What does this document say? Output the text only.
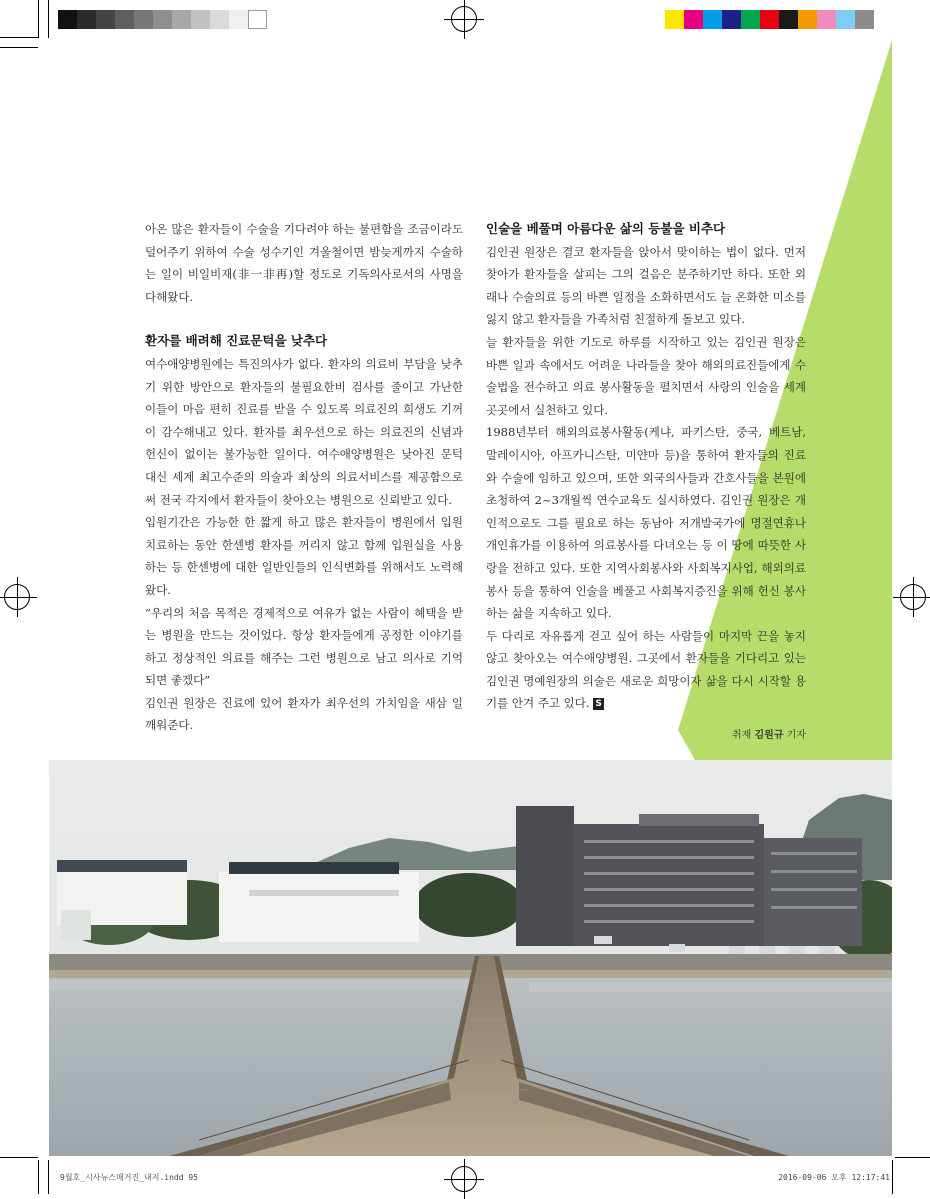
아온 많은 환자들이 수술을 기다려야 하는 불편함을 조금이라도 덜어주기 위하여 수술 성수기인 겨울철이면 밤늦게까지 수술하는 일이 비일비재(非一非再)할 정도로 기독의사로서의 사명을 다해왔다.

환자를 배려해 진료문턱을 낮추다

여수애양병원에는 특진의사가 없다. 환자의 의료비 부담을 낮추기 위한 방안으로 환자들의 불필요한비 검사를 줄이고 가난한 이들이 마음 편히 진료를 받을 수 있도록 의료진의 희생도 기꺼이 감수해내고 있다. 환자를 최우선으로 하는 의료진의 신념과 헌신이 없이는 불가능한 일이다. 여수애양병원은 낮아진 문턱 대신 세계 최고수준의 의술과 최상의 의료서비스를 제공함으로써 전국 각지에서 환자들이 찾아오는 병원으로 신뢰받고 있다.

입원기간은 가능한 한 짧게 하고 많은 환자들이 병원에서 입원 치료하는 동안 한센병 환자를 꺼리지 않고 함께 입원실을 사용하는 등 한센병에 대한 일반인들의 인식변화를 위해서도 노력해왔다.

“우리의 처음 목적은 경제적으로 여유가 없는 사람이 혜택을 받는 병원을 만드는 것이었다. 항상 환자들에게 공정한 이야기를 하고 정상적인 의료를 해주는 그런 병원으로 남고 의사로 기억되면 좋겠다”

김인권 원장은 진료에 있어 환자가 최우선의 가치임을 새삼 일깨워준다.

인술을 베풀며 아름다운 삶의 등불을 비추다

김인권 원장은 결코 환자들을 앉아서 맞이하는 법이 없다. 먼저 찾아가 환자들을 살피는 그의 걸음은 분주하기만 하다. 또한 외래나 수술의료 등의 바쁜 일정을 소화하면서도 늘 온화한 미소를 잃지 않고 환자들을 가족처럼 친절하게 돌보고 있다.

늘 환자들을 위한 기도로 하루를 시작하고 있는 김인권 원장은 바쁜 일과 속에서도 어려운 나라들을 찾아 해외의료진들에게 수술법을 전수하고 의료 봉사활동을 펼치면서 사랑의 인술을 세계 곳곳에서 실천하고 있다.

1988년부터 해외의료봉사활동(케냐, 파키스탄, 중국, 베트남, 말레이시아, 아프카니스탄, 미얀마 등)을 통하여 환자들의 진료와 수술에 임하고 있으며, 또한 외국의사들과 간호사들을 본원에 초청하여 2~3개월씩 연수교육도 실시하였다. 김인권 원장은 개인적으로도 그를 필요로 하는 동남아 저개발국가에 명절연휴나 개인휴가를 이용하여 의료봉사를 다녀오는 등 이 땅에 따뜻한 사랑을 전하고 있다. 또한 지역사회봉사와 사회복지사업, 해외의료봉사 등을 통하여 인술을 베풀고 사회복지증진을 위해 헌신 봉사하는 삶을 지속하고 있다.

두 다리로 자유롭게 걷고 싶어 하는 사람들이 마지막 끈을 놓지 않고 찾아오는 여수애양병원. 그곳에서 환자들을 기다리고 있는 김인권 명예원장의 의술은 새로운 희망이자 삶을 다시 시작할 용기를 안겨 주고 있다. S

취재 김원규 기자
9월호_시사뉴스매거진_내지.indd 95	2016-09-06 오후 12:17:41
